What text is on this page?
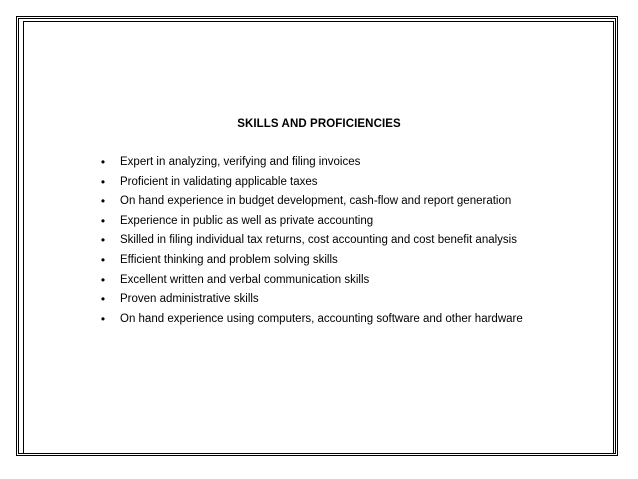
SKILLS AND PROFICIENCIES
• Expert in analyzing, verifying and filing invoices
• Proficient in validating applicable taxes
• On hand experience in budget development, cash-flow and report generation
• Experience in public as well as private accounting
• Skilled in filing individual tax returns, cost accounting and cost benefit analysis
• Efficient thinking and problem solving skills
• Excellent written and verbal communication skills
• Proven administrative skills
• On hand experience using computers, accounting software and other hardware
